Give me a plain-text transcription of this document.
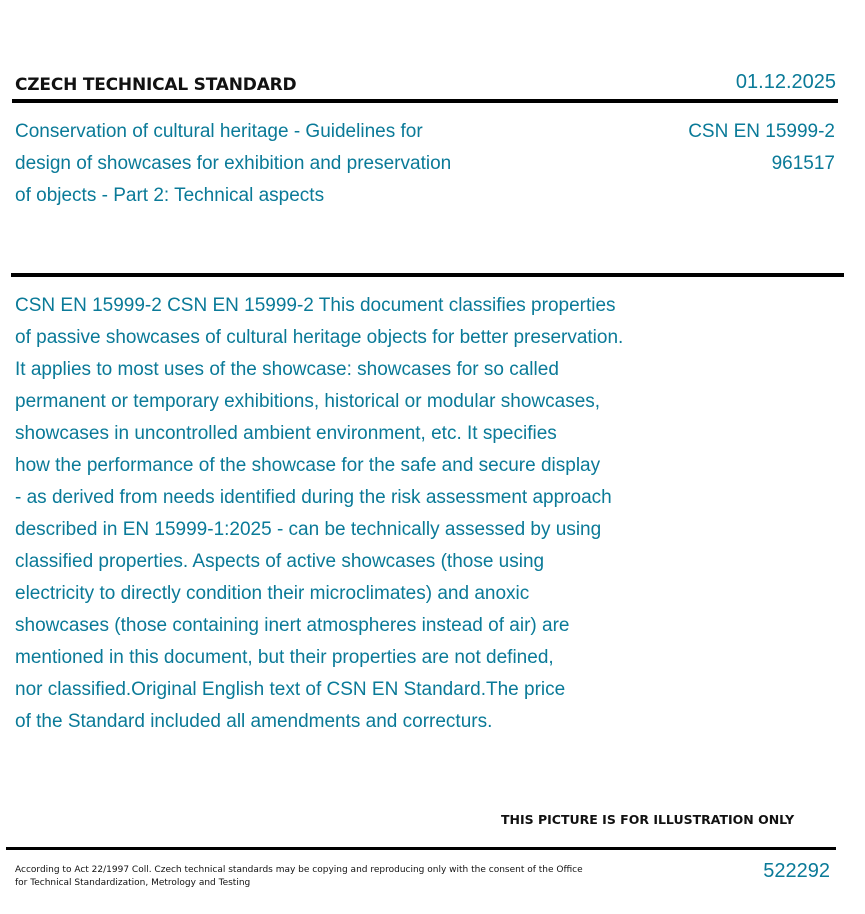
CZECH TECHNICAL STANDARD	01.12.2025
Conservation of cultural heritage - Guidelines for
design of showcases for exhibition and preservation
of objects - Part 2: Technical aspects
CSN EN 15999-2
961517
CSN EN 15999-2 CSN EN 15999-2 This document classifies properties
of passive showcases of cultural heritage objects for better preservation.
It applies to most uses of the showcase: showcases for so called
permanent or temporary exhibitions, historical or modular showcases,
showcases in uncontrolled ambient environment, etc. It specifies
how the performance of the showcase for the safe and secure display
- as derived from needs identified during the risk assessment approach
described in EN 15999-1:2025 - can be technically assessed by using
classified properties. Aspects of active showcases (those using
electricity to directly condition their microclimates) and anoxic
showcases (those containing inert atmospheres instead of air) are
mentioned in this document, but their properties are not defined,
nor classified.Original English text of CSN EN Standard.The price
of the Standard included all amendments and correcturs.
THIS PICTURE IS FOR ILLUSTRATION ONLY
According to Act 22/1997 Coll. Czech technical standards may be copying and reproducing only with the consent of the Office
for Technical Standardization, Metrology and Testing
522292
